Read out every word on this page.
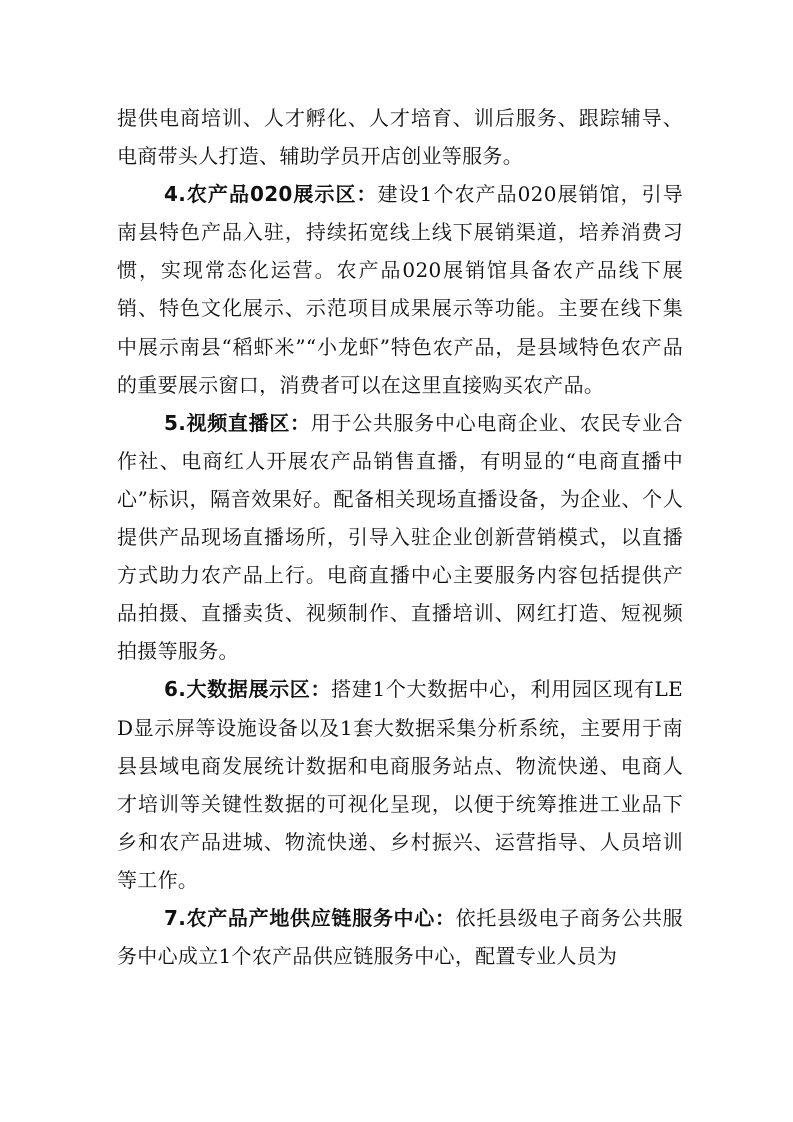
提供电商培训、人才孵化、人才培育、训后服务、跟踪辅导、电商带头人打造、辅助学员开店创业等服务。

4.农产品020展示区：建设1个农产品020展销馆，引导南县特色产品入驻，持续拓宽线上线下展销渠道，培养消费习惯，实现常态化运营。农产品020展销馆具备农产品线下展销、特色文化展示、示范项目成果展示等功能。主要在线下集中展示南县“稻虾米”“小龙虾”特色农产品，是县域特色农产品的重要展示窗口，消费者可以在这里直接购买农产品。

5.视频直播区：用于公共服务中心电商企业、农民专业合作社、电商红人开展农产品销售直播，有明显的“电商直播中心”标识，隔音效果好。配备相关现场直播设备，为企业、个人提供产品现场直播场所，引导入驻企业创新营销模式，以直播方式助力农产品上行。电商直播中心主要服务内容包括提供产品拍摄、直播卖货、视频制作、直播培训、网红打造、短视频拍摄等服务。

6.大数据展示区：搭建1个大数据中心，利用园区现有LED显示屏等设施设备以及1套大数据采集分析系统，主要用于南县县域电商发展统计数据和电商服务站点、物流快递、电商人才培训等关键性数据的可视化呈现，以便于统筹推进工业品下乡和农产品进城、物流快递、乡村振兴、运营指导、人员培训等工作。

7.农产品产地供应链服务中心：依托县级电子商务公共服务中心成立1个农产品供应链服务中心，配置专业人员为
